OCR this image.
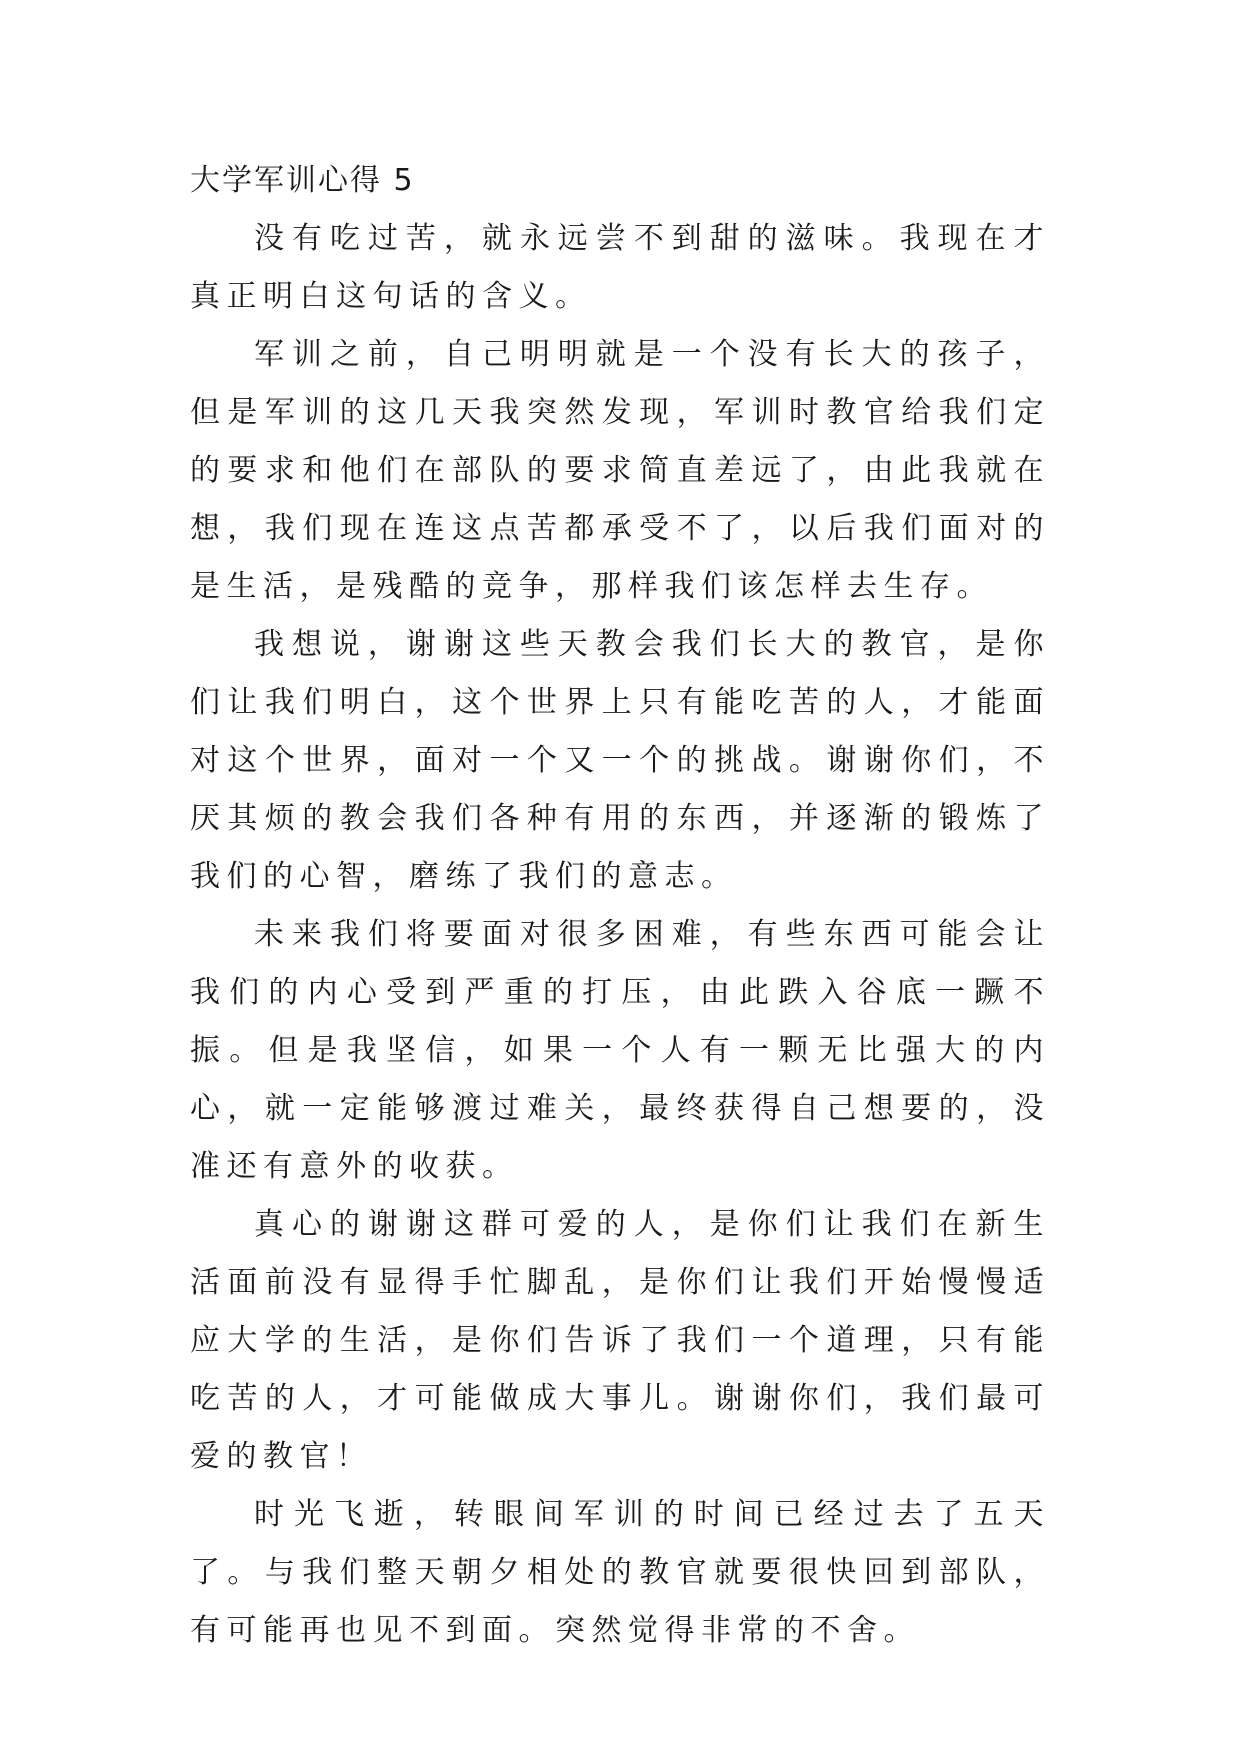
大学军训心得 5

没有吃过苦，就永远尝不到甜的滋味。我现在才真正明白这句话的含义。

军训之前，自己明明就是一个没有长大的孩子，但是军训的这几天我突然发现，军训时教官给我们定的要求和他们在部队的要求简直差远了，由此我就在想，我们现在连这点苦都承受不了，以后我们面对的是生活，是残酷的竞争，那样我们该怎样去生存。

我想说，谢谢这些天教会我们长大的教官，是你们让我们明白，这个世界上只有能吃苦的人，才能面对这个世界，面对一个又一个的挑战。谢谢你们，不厌其烦的教会我们各种有用的东西，并逐渐的锻炼了我们的心智，磨练了我们的意志。

未来我们将要面对很多困难，有些东西可能会让我们的内心受到严重的打压，由此跌入谷底一蹶不振。但是我坚信，如果一个人有一颗无比强大的内心，就一定能够渡过难关，最终获得自己想要的，没准还有意外的收获。

真心的谢谢这群可爱的人，是你们让我们在新生活面前没有显得手忙脚乱，是你们让我们开始慢慢适应大学的生活，是你们告诉了我们一个道理，只有能吃苦的人，才可能做成大事儿。谢谢你们，我们最可爱的教官！

时光飞逝，转眼间军训的时间已经过去了五天了。与我们整天朝夕相处的教官就要很快回到部队，有可能再也见不到面。突然觉得非常的不舍。
